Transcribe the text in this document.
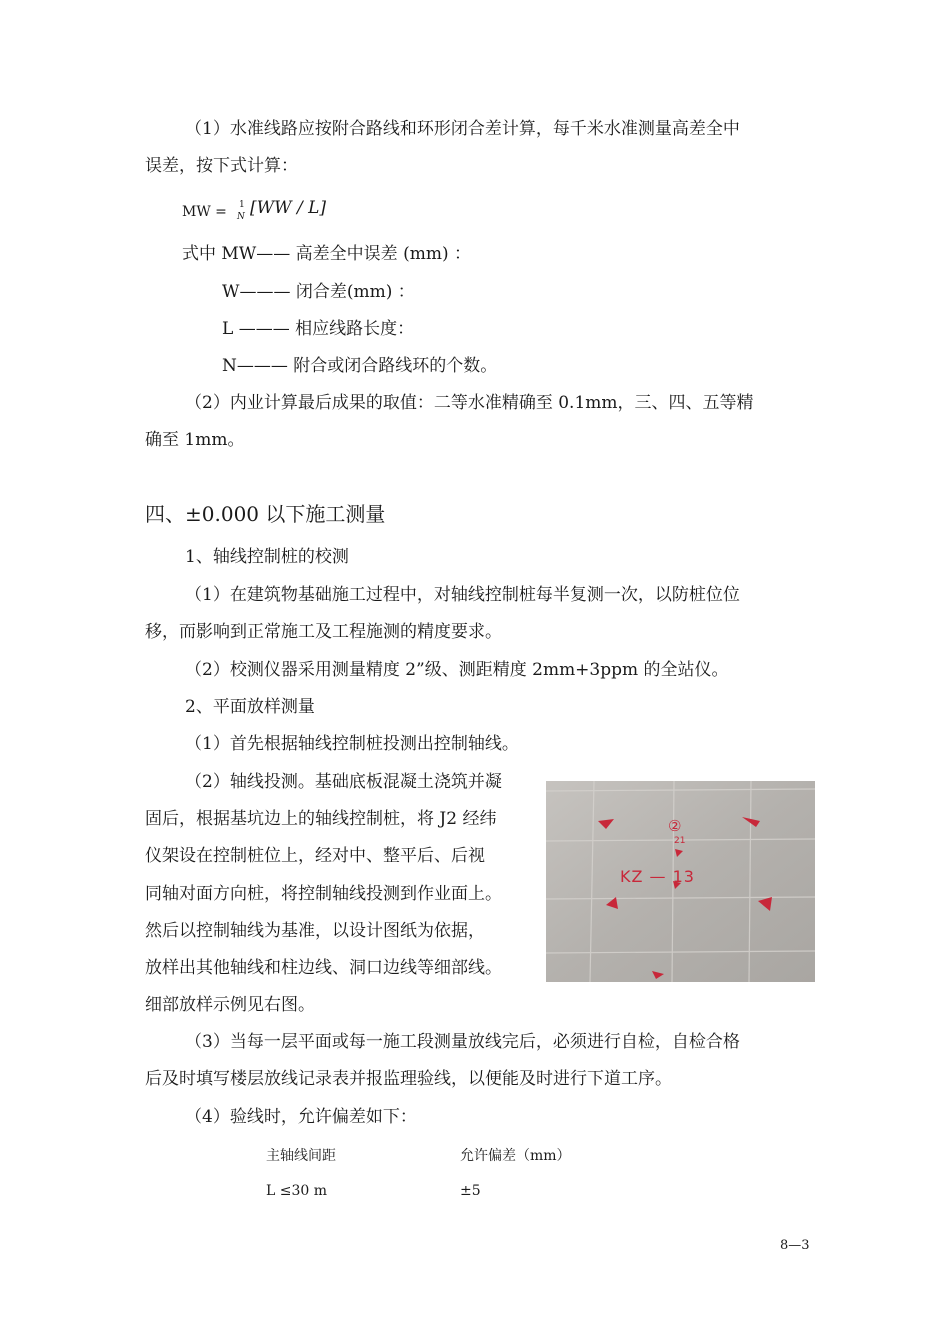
（1）水准线路应按附合路线和环形闭合差计算，每千米水准测量高差全中
误差，按下式计算：
MW = 1
N [WW / L]
式中 MW—— 高差全中误差 (mm) ：
W——— 闭合差(mm) ：
L ——— 相应线路长度：
N——— 附合或闭合路线环的个数。
（2）内业计算最后成果的取值：二等水准精确至 0.1mm，三、四、五等精
确至 1mm。
四、±0.000 以下施工测量
1、轴线控制桩的校测
（1）在建筑物基础施工过程中，对轴线控制桩每半复测一次，以防桩位位
移，而影响到正常施工及工程施测的精度要求。
（2）校测仪器采用测量精度 2”级、测距精度 2mm+3ppm 的全站仪。
2、平面放样测量
（1）首先根据轴线控制桩投测出控制轴线。
（2）轴线投测。基础底板混凝土浇筑并凝
固后，根据基坑边上的轴线控制桩，将 J2 经纬
仪架设在控制桩位上，经对中、整平后、后视
同轴对面方向桩，将控制轴线投测到作业面上。
然后以控制轴线为基准，以设计图纸为依据，
放样出其他轴线和柱边线、洞口边线等细部线。
细部放样示例见右图。
②
21
KZ — 13
（3）当每一层平面或每一施工段测量放线完后，必须进行自检，自检合格
后及时填写楼层放线记录表并报监理验线，以便能及时进行下道工序。
（4）验线时，允许偏差如下：
主轴线间距	允许偏差（mm）
L ≤30 m	±5
8—3
